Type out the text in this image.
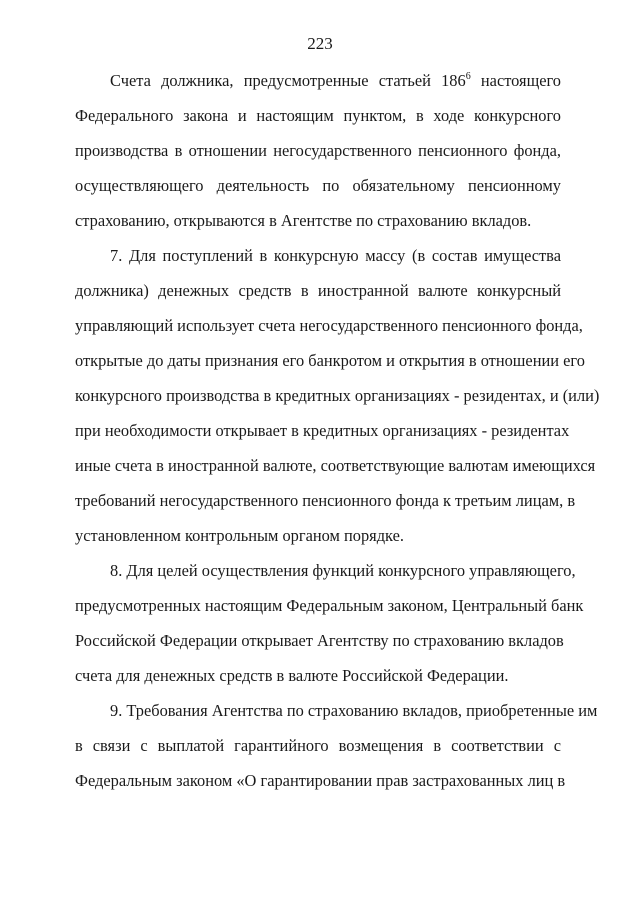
223
Счета должника, предусмотренные статьей $186^6$ настоящего
Федерального закона и настоящим пунктом, в ходе конкурсного
производства в отношении негосударственного пенсионного фонда,
осуществляющего деятельность по обязательному пенсионному
страхованию, открываются в Агентстве по страхованию вкладов.
7. Для поступлений в конкурсную массу (в состав имущества
должника) денежных средств в иностранной валюте конкурсный
управляющий использует счета негосударственного пенсионного фонда,
открытые до даты признания его банкротом и открытия в отношении его
конкурсного производства в кредитных организациях - резидентах, и (или)
при необходимости открывает в кредитных организациях - резидентах
иные счета в иностранной валюте, соответствующие валютам имеющихся
требований негосударственного пенсионного фонда к третьим лицам, в
установленном контрольным органом порядке.
8. Для целей осуществления функций конкурсного управляющего,
предусмотренных настоящим Федеральным законом, Центральный банк
Российской Федерации открывает Агентству по страхованию вкладов
счета для денежных средств в валюте Российской Федерации.
9. Требования Агентства по страхованию вкладов, приобретенные им
в связи с выплатой гарантийного возмещения в соответствии с
Федеральным законом «О гарантировании прав застрахованных лиц в
